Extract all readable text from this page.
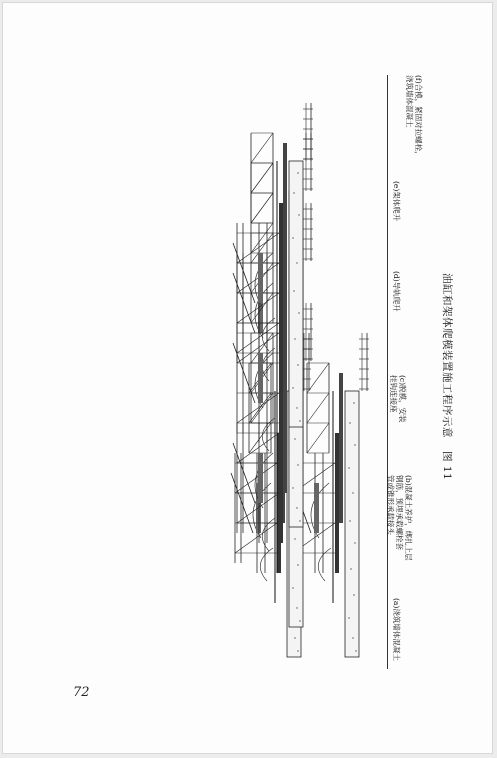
(a)浇筑墙体混凝土
(b)混凝土养护，绑扎上层
钢筋，预埋承载螺栓套
管或锥形承载接头
(c)脱模，安装
挂钩连接座
(d)导轨爬升
(e)架体爬升
(f)合模，紧固对拉螺栓，
浇筑墙体混凝土
油缸和架体爬模装置施工程序示意
图 11
72
